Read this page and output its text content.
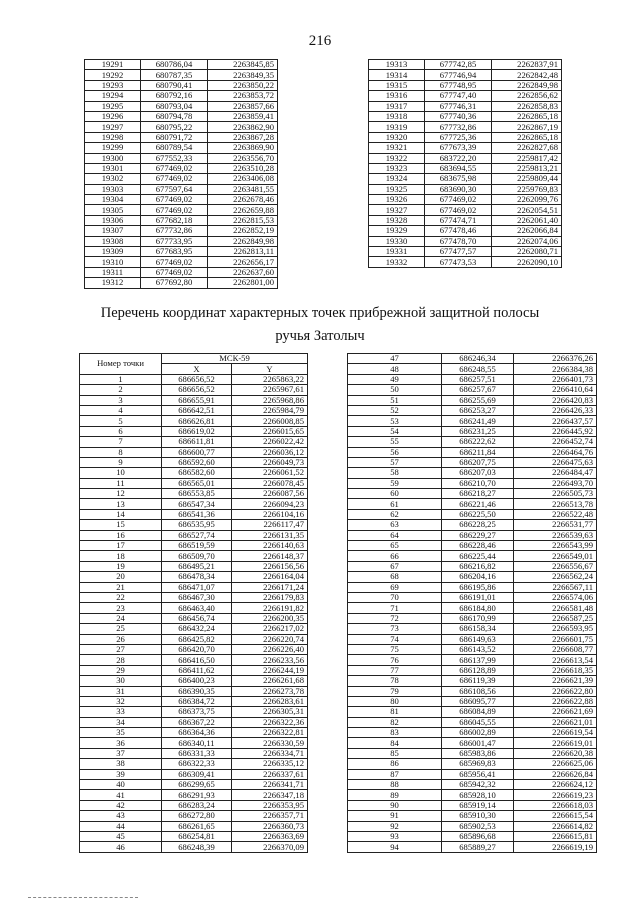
216
19291	680786,04	2263845,85
19292	680787,35	2263849,35
19293	680790,41	2263850,22
19294	680792,16	2263853,72
19295	680793,04	2263857,66
19296	680794,78	2263859,41
19297	680795,22	2263862,90
19298	680791,72	2263867,28
19299	680789,54	2263869,90
19300	677552,33	2263556,70
19301	677469,02	2263510,28
19302	677469,02	2263406,08
19303	677597,64	2263481,55
19304	677469,02	2262678,46
19305	677469,02	2262659,88
19306	677682,18	2262815,53
19307	677732,86	2262852,19
19308	677733,95	2262849,98
19309	677683,95	2262813,11
19310	677469,02	2262656,17
19311	677469,02	2262637,60
19312	677692,80	2262801,00
19313	677742,85	2262837,91
19314	677746,94	2262842,48
19315	677748,95	2262849,98
19316	677747,40	2262856,62
19317	677746,31	2262858,83
19318	677740,36	2262865,18
19319	677732,86	2262867,19
19320	677725,36	2262865,18
19321	677673,39	2262827,68
19322	683722,20	2259817,42
19323	683694,55	2259813,21
19324	683675,98	2259809,44
19325	683690,30	2259769,83
19326	677469,02	2262099,76
19327	677469,02	2262054,51
19328	677474,71	2262061,40
19329	677478,46	2262066,84
19330	677478,70	2262074,06
19331	677477,57	2262080,71
19332	677473,53	2262090,10
Перечень координат характерных точек прибрежной защитной полосы ручья Затолыч
Номер точки	МСК-59	
	X	Y
1	686656,52	2265863,22
2	686656,52	2265967,61
3	686655,91	2265968,86
4	686642,51	2265984,79
5	686626,81	2266008,85
6	686619,02	2266015,65
7	686611,81	2266022,42
8	686600,77	2266036,12
9	686592,60	2266049,73
10	686582,60	2266061,52
11	686565,01	2266078,45
12	686553,85	2266087,56
13	686547,34	2266094,23
14	686541,36	2266104,16
15	686535,95	2266117,47
16	686527,74	2266131,35
17	686519,59	2266140,63
18	686509,70	2266148,37
19	686495,21	2266156,56
20	686478,34	2266164,04
21	686471,07	2266171,24
22	686467,30	2266179,83
23	686463,40	2266191,82
24	686456,74	2266200,35
25	686432,24	2266217,02
26	686425,82	2266220,74
27	686420,70	2266226,40
28	686416,50	2266233,56
29	686411,62	2266244,19
30	686400,23	2266261,68
31	686390,35	2266273,78
32	686384,72	2266283,61
33	686373,75	2266305,31
34	686367,22	2266322,36
35	686364,36	2266322,81
36	686340,11	2266330,59
37	686331,33	2266334,71
38	686322,33	2266335,12
39	686309,41	2266337,61
40	686299,65	2266341,71
41	686291,93	2266347,18
42	686283,24	2266353,95
43	686272,80	2266357,71
44	686261,65	2266360,73
45	686254,81	2266363,69
46	686248,39	2266370,09
47	686246,34	2266376,26
48	686248,55	2266384,38
49	686257,51	2266401,73
50	686257,67	2266410,64
51	686255,69	2266420,83
52	686253,27	2266426,33
53	686241,49	2266437,57
54	686231,25	2266445,92
55	686222,62	2266452,74
56	686211,84	2266464,76
57	686207,75	2266475,63
58	686207,03	2266484,47
59	686210,70	2266493,70
60	686218,27	2266505,73
61	686221,46	2266513,78
62	686225,50	2266522,48
63	686228,25	2266531,77
64	686229,27	2266539,63
65	686228,46	2266543,99
66	686225,44	2266549,01
67	686216,82	2266556,67
68	686204,16	2266562,24
69	686195,86	2266567,11
70	686191,01	2266574,06
71	686184,80	2266581,48
72	686170,99	2266587,25
73	686158,34	2266593,95
74	686149,63	2266601,75
75	686143,52	2266608,77
76	686137,99	2266613,54
77	686128,89	2266618,35
78	686119,39	2266621,39
79	686108,56	2266622,80
80	686095,77	2266622,88
81	686084,89	2266621,69
82	686045,55	2266621,01
83	686002,89	2266619,54
84	686001,47	2266619,01
85	685983,86	2266620,38
86	685969,83	2266625,06
87	685956,41	2266626,84
88	685942,32	2266624,12
89	685928,10	2266619,23
90	685919,14	2266618,03
91	685910,30	2266615,54
92	685902,53	2266614,82
93	685896,68	2266615,81
94	685889,27	2266619,19
